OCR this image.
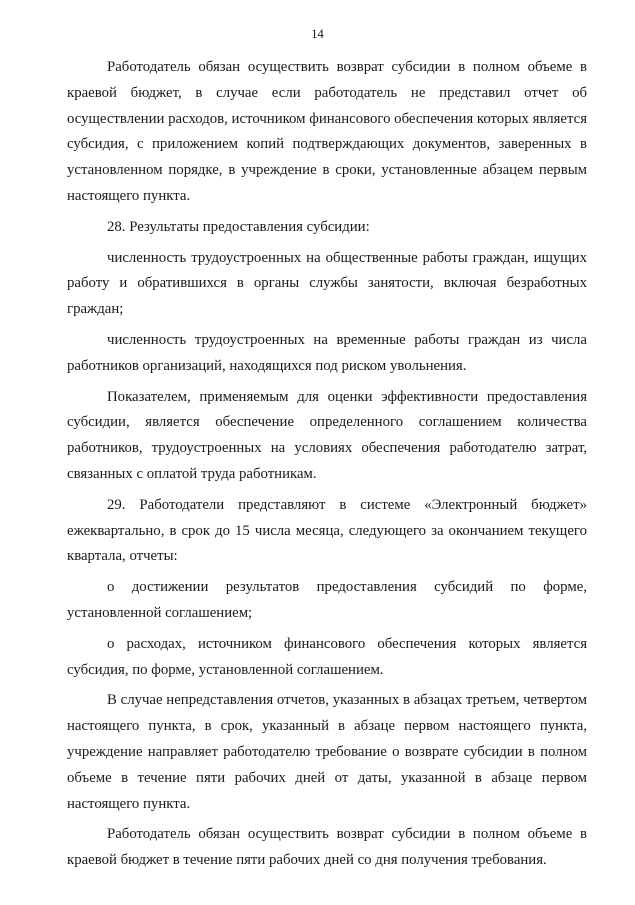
14

Работодатель обязан осуществить возврат субсидии в полном объеме в краевой бюджет, в случае если работодатель не представил отчет об осуществлении расходов, источником финансового обеспечения которых является субсидия, с приложением копий подтверждающих документов, заверенных в установленном порядке, в учреждение в сроки, установленные абзацем первым настоящего пункта.

28. Результаты предоставления субсидии:

численность трудоустроенных на общественные работы граждан, ищущих работу и обратившихся в органы службы занятости, включая безработных граждан;

численность трудоустроенных на временные работы граждан из числа работников организаций, находящихся под риском увольнения.

Показателем, применяемым для оценки эффективности предоставления субсидии, является обеспечение определенного соглашением количества работников, трудоустроенных на условиях обеспечения работодателю затрат, связанных с оплатой труда работникам.

29. Работодатели представляют в системе «Электронный бюджет» ежеквартально, в срок до 15 числа месяца, следующего за окончанием текущего квартала, отчеты:

о достижении результатов предоставления субсидий по форме, установленной соглашением;

о расходах, источником финансового обеспечения которых является субсидия, по форме, установленной соглашением.

В случае непредставления отчетов, указанных в абзацах третьем, четвертом настоящего пункта, в срок, указанный в абзаце первом настоящего пункта, учреждение направляет работодателю требование о возврате субсидии в полном объеме в течение пяти рабочих дней от даты, указанной в абзаце первом настоящего пункта.

Работодатель обязан осуществить возврат субсидии в полном объеме в краевой бюджет в течение пяти рабочих дней со дня получения требования.
